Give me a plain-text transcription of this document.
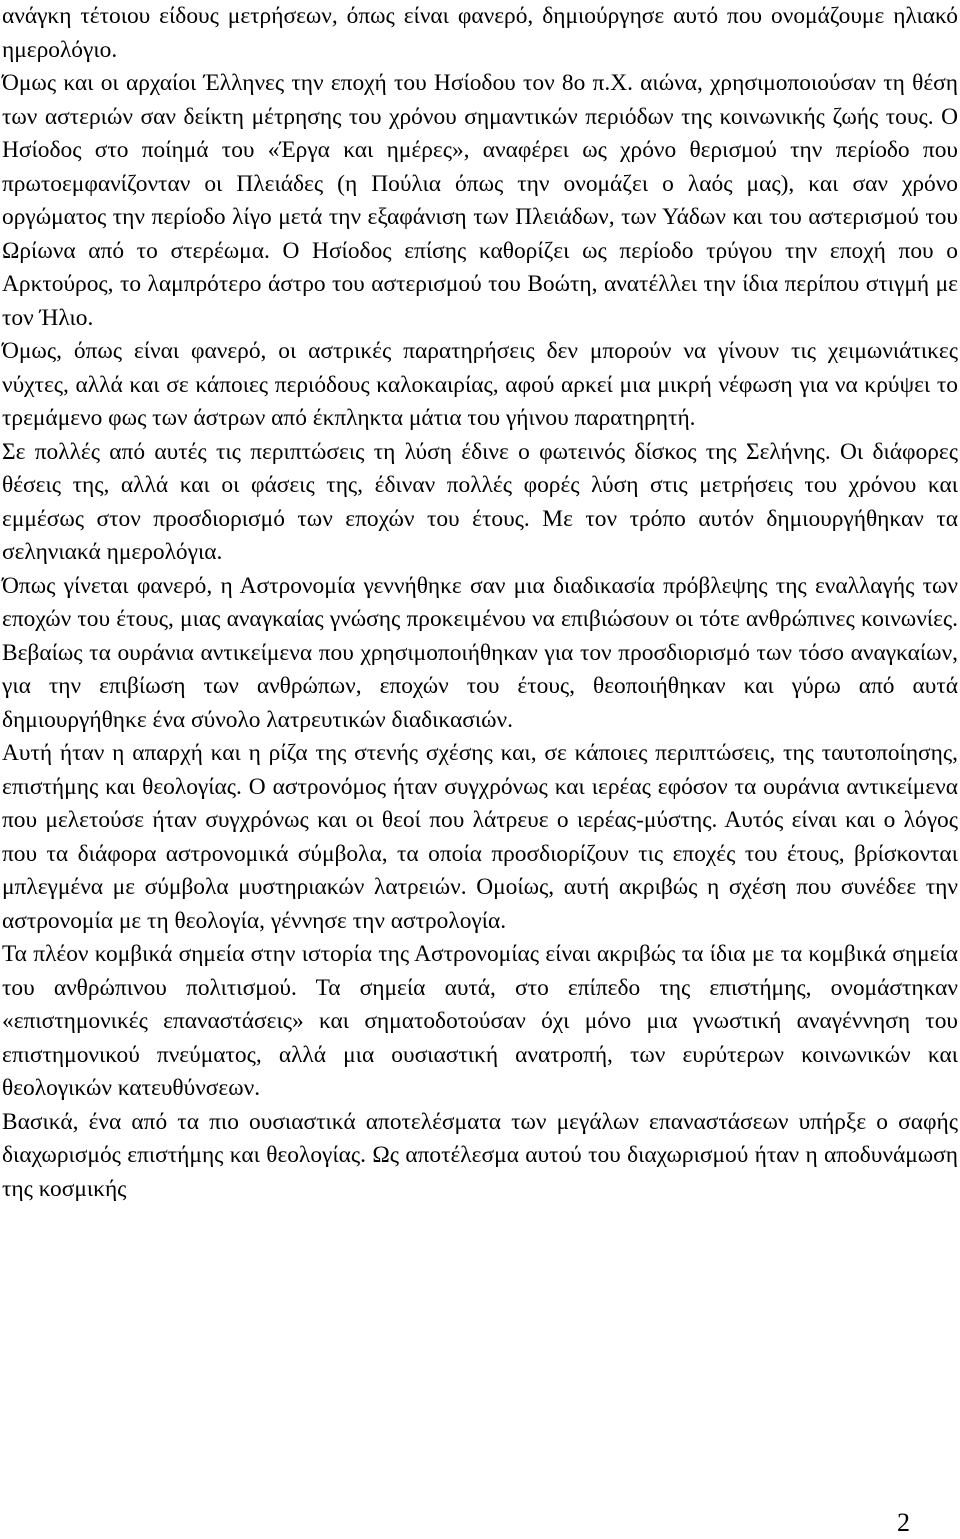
ανάγκη τέτοιου είδους μετρήσεων, όπως είναι φανερό, δημιούργησε αυτό που ονομάζουμε ηλιακό ημερολόγιο.

Όμως και οι αρχαίοι Έλληνες την εποχή του Ησίοδου τον 8ο π.Χ. αιώνα, χρησιμοποιούσαν τη θέση των αστεριών σαν δείκτη μέτρησης του χρόνου σημαντικών περιόδων της κοινωνικής ζωής τους. Ο Ησίοδος στο ποίημά του «Έργα και ημέρες», αναφέρει ως χρόνο θερισμού την περίοδο που πρωτοεμφανίζονταν οι Πλειάδες (η Πούλια όπως την ονομάζει ο λαός μας), και σαν χρόνο οργώματος την περίοδο λίγο μετά την εξαφάνιση των Πλειάδων, των Υάδων και του αστερισμού του Ωρίωνα από το στερέωμα. Ο Ησίοδος επίσης καθορίζει ως περίοδο τρύγου την εποχή που ο Αρκτούρος, το λαμπρότερο άστρο του αστερισμού του Βοώτη, ανατέλλει την ίδια περίπου στιγμή με τον Ήλιο.

Όμως, όπως είναι φανερό, οι αστρικές παρατηρήσεις δεν μπορούν να γίνουν τις χειμωνιάτικες νύχτες, αλλά και σε κάποιες περιόδους καλοκαιρίας, αφού αρκεί μια μικρή νέφωση για να κρύψει το τρεμάμενο φως των άστρων από έκπληκτα μάτια του γήινου παρατηρητή.

Σε πολλές από αυτές τις περιπτώσεις τη λύση έδινε ο φωτεινός δίσκος της Σελήνης. Οι διάφορες θέσεις της, αλλά και οι φάσεις της, έδιναν πολλές φορές λύση στις μετρήσεις του χρόνου και εμμέσως στον προσδιορισμό των εποχών του έτους. Με τον τρόπο αυτόν δημιουργήθηκαν τα σεληνιακά ημερολόγια.

Όπως γίνεται φανερό, η Αστρονομία γεννήθηκε σαν μια διαδικασία πρόβλεψης της εναλλαγής των εποχών του έτους, μιας αναγκαίας γνώσης προκειμένου να επιβιώσουν οι τότε ανθρώπινες κοινωνίες. Βεβαίως τα ουράνια αντικείμενα που χρησιμοποιήθηκαν για τον προσδιορισμό των τόσο αναγκαίων, για την επιβίωση των ανθρώπων, εποχών του έτους, θεοποιήθηκαν και γύρω από αυτά δημιουργήθηκε ένα σύνολο λατρευτικών διαδικασιών.

Αυτή ήταν η απαρχή και η ρίζα της στενής σχέσης και, σε κάποιες περιπτώσεις, της ταυτοποίησης, επιστήμης και θεολογίας. Ο αστρονόμος ήταν συγχρόνως και ιερέας εφόσον τα ουράνια αντικείμενα που μελετούσε ήταν συγχρόνως και οι θεοί που λάτρευε ο ιερέας-μύστης. Αυτός είναι και ο λόγος που τα διάφορα αστρονομικά σύμβολα, τα οποία προσδιορίζουν τις εποχές του έτους, βρίσκονται μπλεγμένα με σύμβολα μυστηριακών λατρειών. Ομοίως, αυτή ακριβώς η σχέση που συνέδεε την αστρονομία με τη θεολογία, γέννησε την αστρολογία.

Τα πλέον κομβικά σημεία στην ιστορία της Αστρονομίας είναι ακριβώς τα ίδια με τα κομβικά σημεία του ανθρώπινου πολιτισμού. Τα σημεία αυτά, στο επίπεδο της επιστήμης, ονομάστηκαν «επιστημονικές επαναστάσεις» και σηματοδοτούσαν όχι μόνο μια γνωστική αναγέννηση του επιστημονικού πνεύματος, αλλά μια ουσιαστική ανατροπή, των ευρύτερων κοινωνικών και θεολογικών κατευθύνσεων.

Βασικά, ένα από τα πιο ουσιαστικά αποτελέσματα των μεγάλων επαναστάσεων υπήρξε ο σαφής διαχωρισμός επιστήμης και θεολογίας. Ως αποτέλεσμα αυτού του διαχωρισμού ήταν η αποδυνάμωση της κοσμικής

2
